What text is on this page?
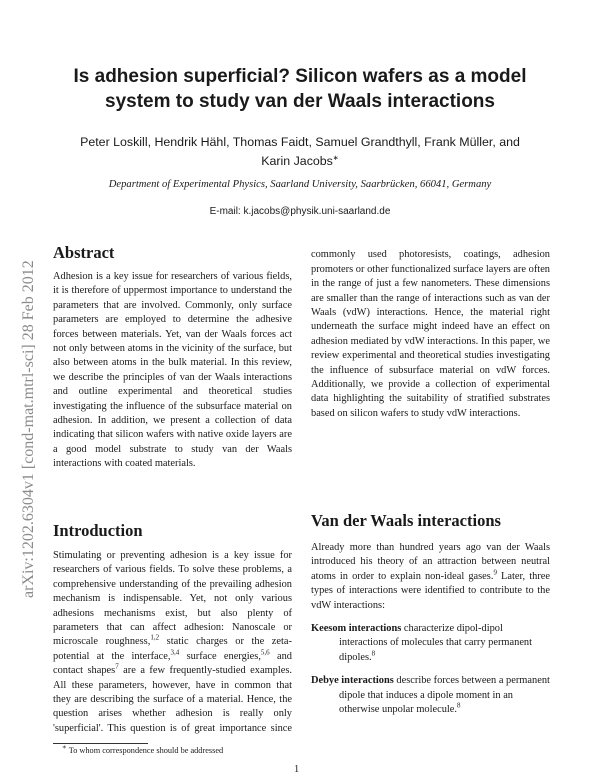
arXiv:1202.6304v1 [cond-mat.mtrl-sci] 28 Feb 2012
Is adhesion superficial? Silicon wafers as a model
system to study van der Waals interactions
Peter Loskill, Hendrik Hähl, Thomas Faidt, Samuel Grandthyll, Frank Müller, and
Karin Jacobs∗
Department of Experimental Physics, Saarland University, Saarbrücken, 66041, Germany
E-mail: k.jacobs@physik.uni-saarland.de
Abstract

Adhesion is a key issue for researchers of various fields, it is therefore of uppermost importance to understand the parameters that are involved. Commonly, only surface parameters are employed to determine the adhesive forces between materials. Yet, van der Waals forces act not only between atoms in the vicinity of the surface, but also between atoms in the bulk material. In this review, we describe the principles of van der Waals interactions and outline experimental and theoretical studies investigating the influence of the subsurface material on adhesion. In addition, we present a collection of data indicating that silicon wafers with native oxide layers are a good model substrate to study van der Waals interactions with coated materials.

Introduction

Stimulating or preventing adhesion is a key issue for researchers of various fields. To solve these problems, a comprehensive understanding of the prevailing adhesion mechanism is indispensable. Yet, not only various adhesions mechanisms exist, but also plenty of parameters that can affect adhesion: Nanoscale or microscale roughness,$^{1,2}$ static charges or the zeta-potential at the interface,$^{3,4}$ surface energies,$^{5,6}$ and contact shapes$^7$ are a few frequently-studied examples. All these parameters, however, have in common that they are describing the surface of a material. Hence, the question arises whether adhesion is really only 'superficial'. This question is of great importance since

commonly used photoresists, coatings, adhesion promoters or other functionalized surface layers are often in the range of just a few nanometers. These dimensions are smaller than the range of interactions such as van der Waals (vdW) interactions. Hence, the material right underneath the surface might indeed have an effect on adhesion mediated by vdW interactions. In this paper, we review experimental and theoretical studies investigating the influence of subsurface material on vdW forces. Additionally, we provide a collection of experimental data highlighting the suitability of stratified substrates based on silicon wafers to study vdW interactions.

Van der Waals interactions

Already more than hundred years ago van der Waals introduced his theory of an attraction between neutral atoms in order to explain non-ideal gases.$^9$ Later, three types of interactions were identified to contribute to the vdW interactions:

Keesom interactions characterize dipol-dipol interactions of molecules that carry permanent dipoles.$^8$

Debye interactions describe forces between a permanent dipole that induces a dipole moment in an otherwise unpolar molecule.$^8$

∗ To whom correspondence should be addressed
1
